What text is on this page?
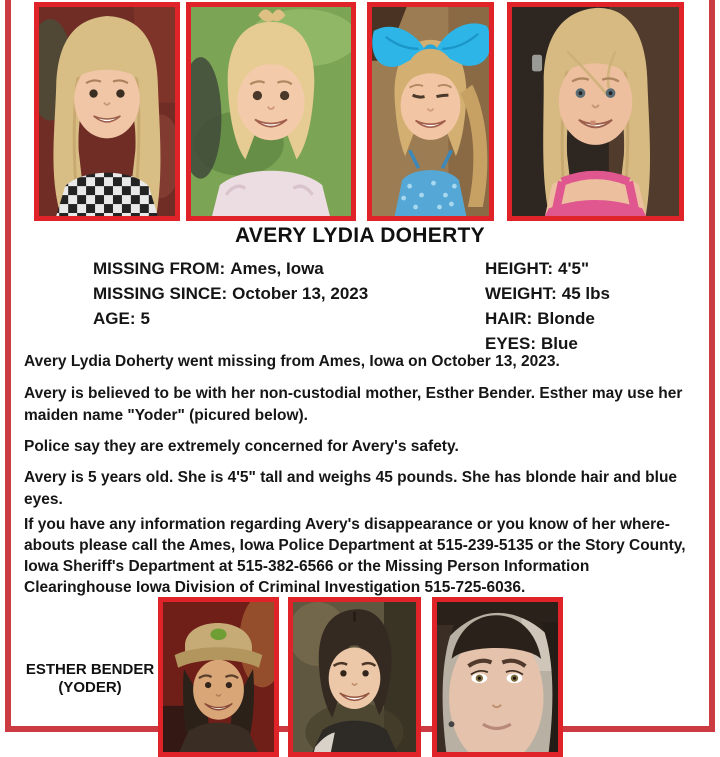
AVERY LYDIA DOHERTY
MISSING FROM: Ames, Iowa
MISSING SINCE: October 13, 2023
AGE: 5
HEIGHT: 4'5"
WEIGHT: 45 lbs
HAIR: Blonde
EYES: Blue

Avery Lydia Doherty went missing from Ames, Iowa on October 13, 2023.

Avery is believed to be with her non-custodial mother, Esther Bender. Esther may use her maiden name "Yoder" (picured below).

Police say they are extremely concerned for Avery's safety.

Avery is 5 years old. She is 4'5" tall and weighs 45 pounds. She has blonde hair and blue eyes.

If you have any information regarding Avery's disappearance or you know of her where-abouts please call the Ames, Iowa Police Department at 515-239-5135 or the Story County, Iowa Sheriff's Department at 515-382-6566 or the Missing Person Information Clearinghouse Iowa Division of Criminal Investigation 515-725-6036.

ESTHER BENDER
(YODER)
